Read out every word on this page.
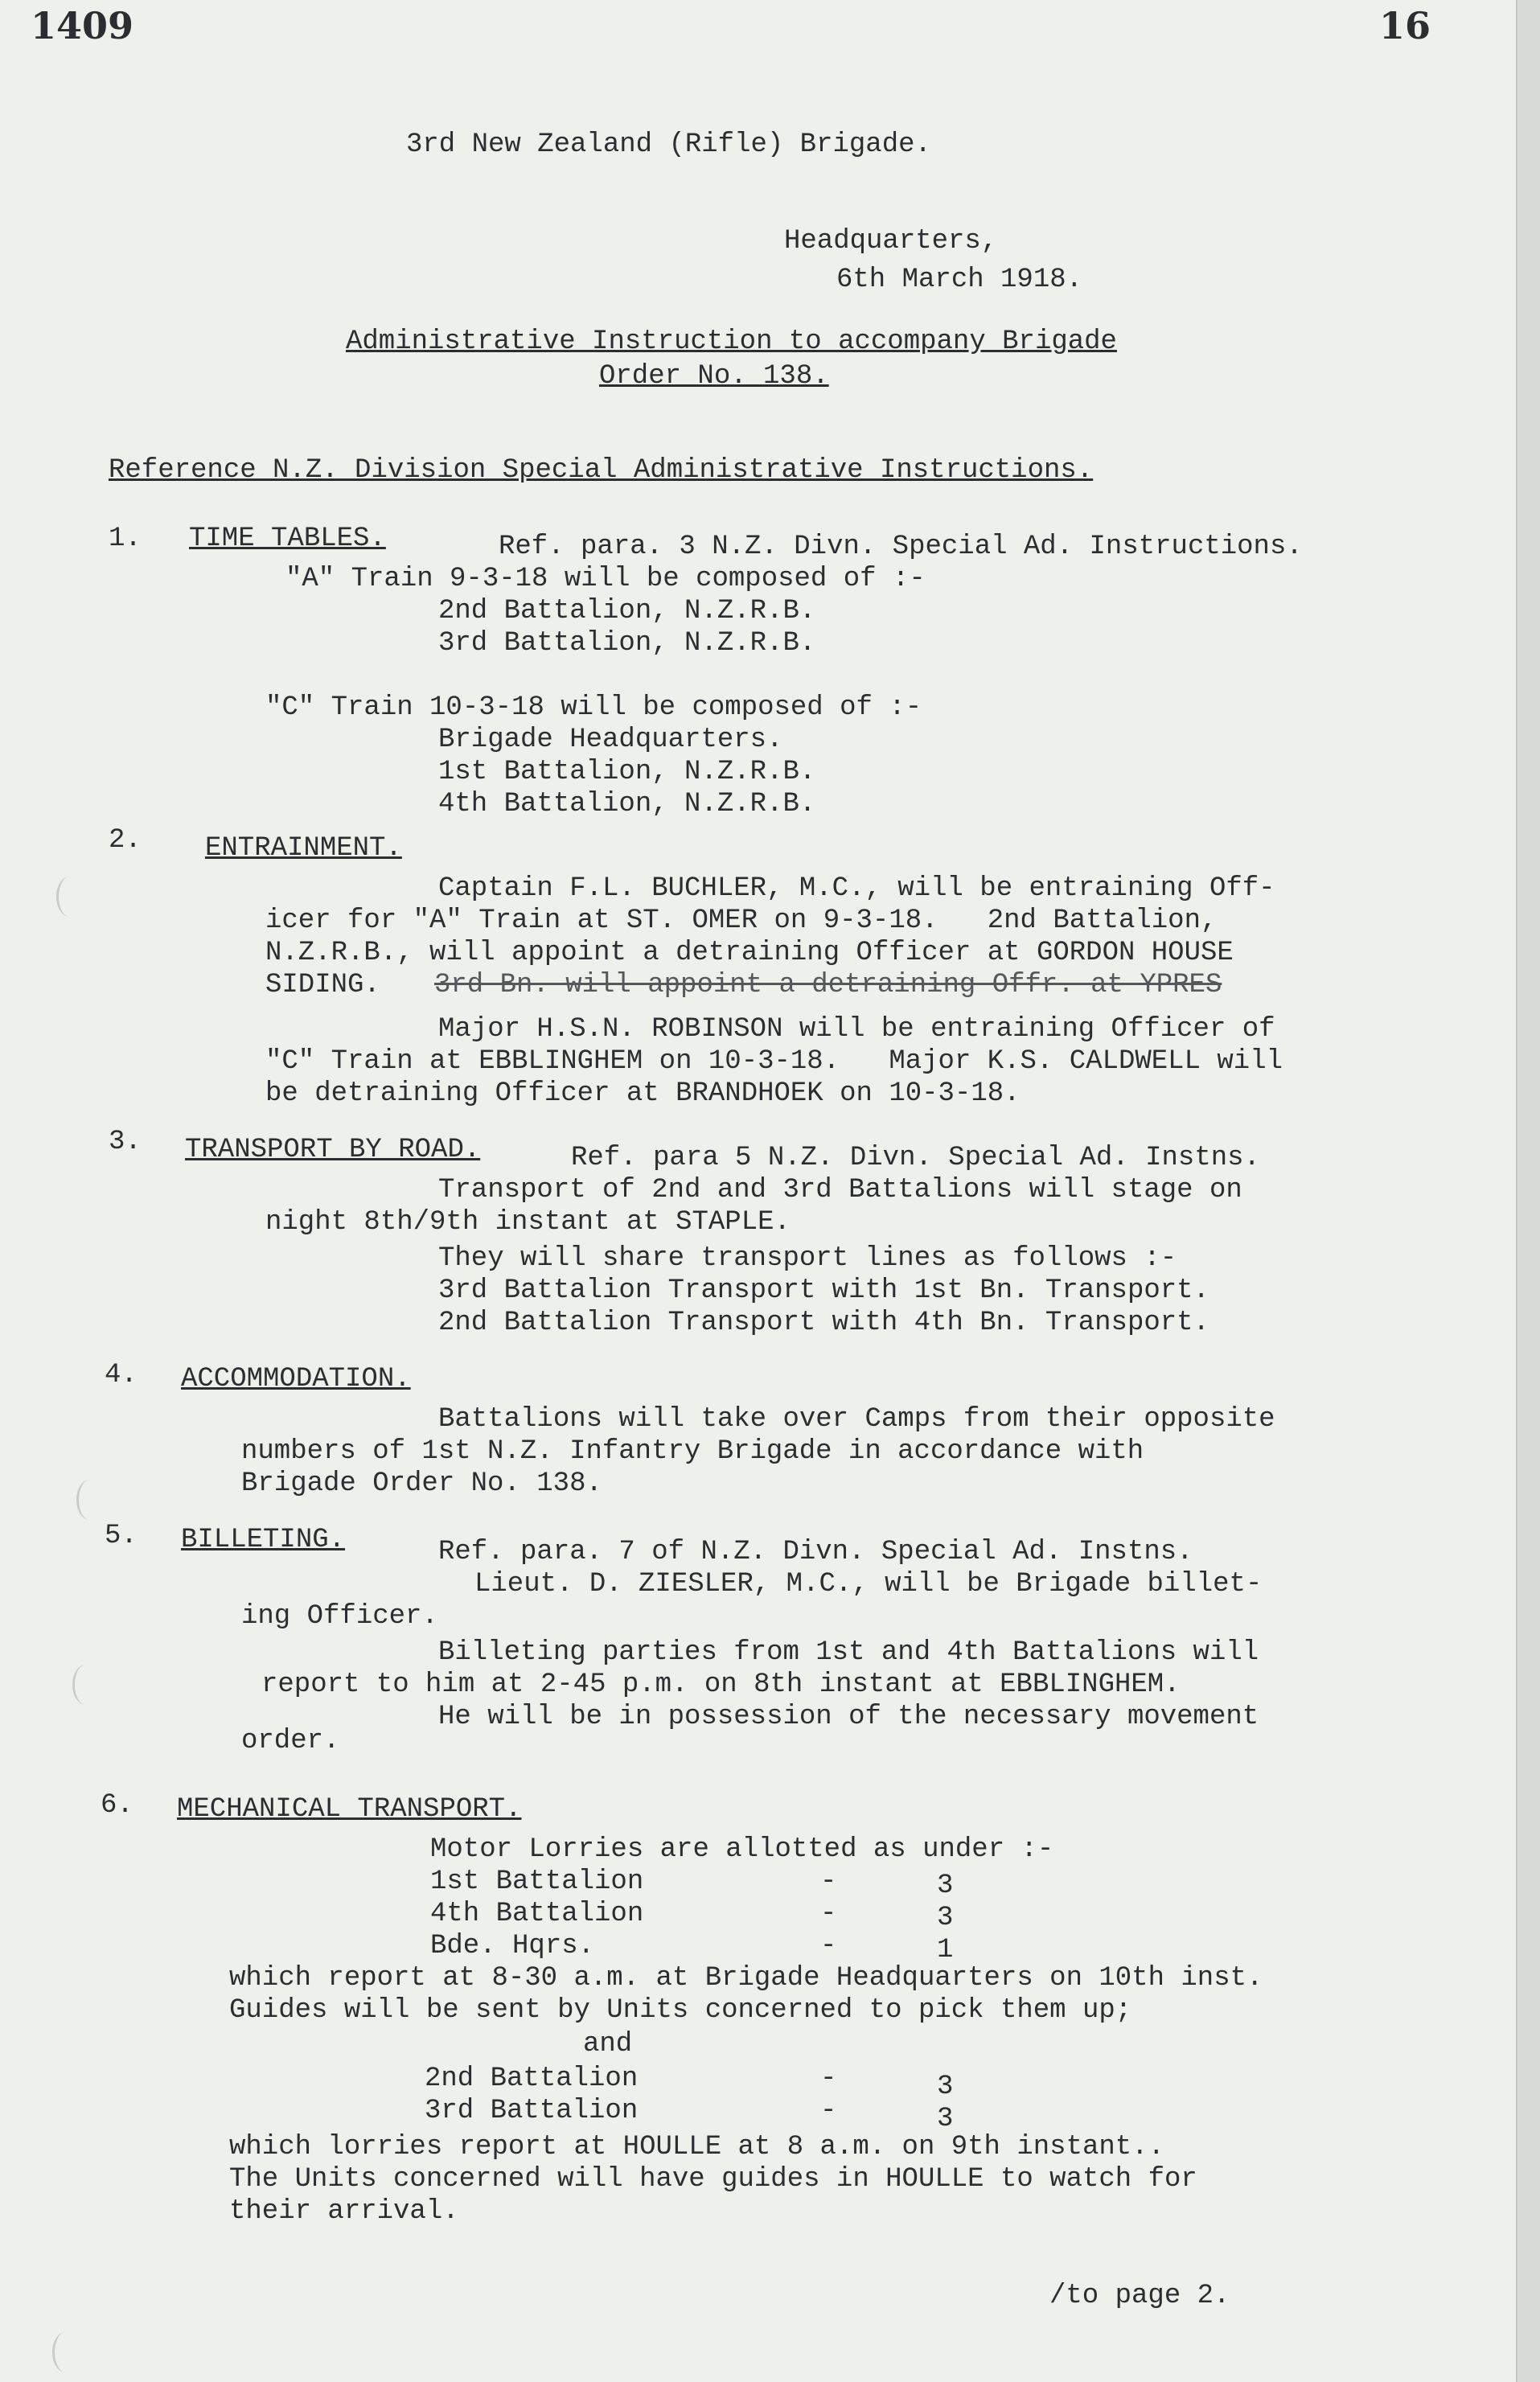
1409	16
3rd New Zealand (Rifle) Brigade.
Headquarters,
6th March 1918.
Administrative Instruction to accompany Brigade
Order No. 138.
Reference N.Z. Division Special Administrative Instructions.
1. TIME TABLES.	Ref. para. 3 N.Z. Divn. Special Ad. Instructions.
"A" Train 9-3-18 will be composed of :-
2nd Battalion, N.Z.R.B.
3rd Battalion, N.Z.R.B.
"C" Train 10-3-18 will be composed of :-
Brigade Headquarters.
1st Battalion, N.Z.R.B.
4th Battalion, N.Z.R.B.
2. ENTRAINMENT.
Captain F.L. BUCHLER, M.C., will be entraining Off-
icer for "A" Train at ST. OMER on 9-3-18.   2nd Battalion,
N.Z.R.B., will appoint a detraining Officer at GORDON HOUSE
SIDING. 3rd Bn. will appoint a detraining Offr. at YPRES
Major H.S.N. ROBINSON will be entraining Officer of
"C" Train at EBBLINGHEM on 10-3-18.   Major K.S. CALDWELL will
be detraining Officer at BRANDHOEK on 10-3-18.
3. TRANSPORT BY ROAD.	Ref. para 5 N.Z. Divn. Special Ad. Instns.
Transport of 2nd and 3rd Battalions will stage on
night 8th/9th instant at STAPLE.
They will share transport lines as follows :-
3rd Battalion Transport with 1st Bn. Transport.
2nd Battalion Transport with 4th Bn. Transport.
4. ACCOMMODATION.
Battalions will take over Camps from their opposite
numbers of 1st N.Z. Infantry Brigade in accordance with
Brigade Order No. 138.
5. BILLETING.	Ref. para. 7 of N.Z. Divn. Special Ad. Instns.
Lieut. D. ZIESLER, M.C., will be Brigade billet-
ing Officer.
Billeting parties from 1st and 4th Battalions will
report to him at 2-45 p.m. on 8th instant at EBBLINGHEM.
He will be in possession of the necessary movement
order.
6. MECHANICAL TRANSPORT.
Motor Lorries are allotted as under :-
1st Battalion	-	3
4th Battalion	-	3
Bde. Hqrs.	-	1
which report at 8-30 a.m. at Brigade Headquarters on 10th inst.
Guides will be sent by Units concerned to pick them up;
and
2nd Battalion	-	3
3rd Battalion	-	3
which lorries report at HOULLE at 8 a.m. on 9th instant..
The Units concerned will have guides in HOULLE to watch for
their arrival.
/to page 2.
